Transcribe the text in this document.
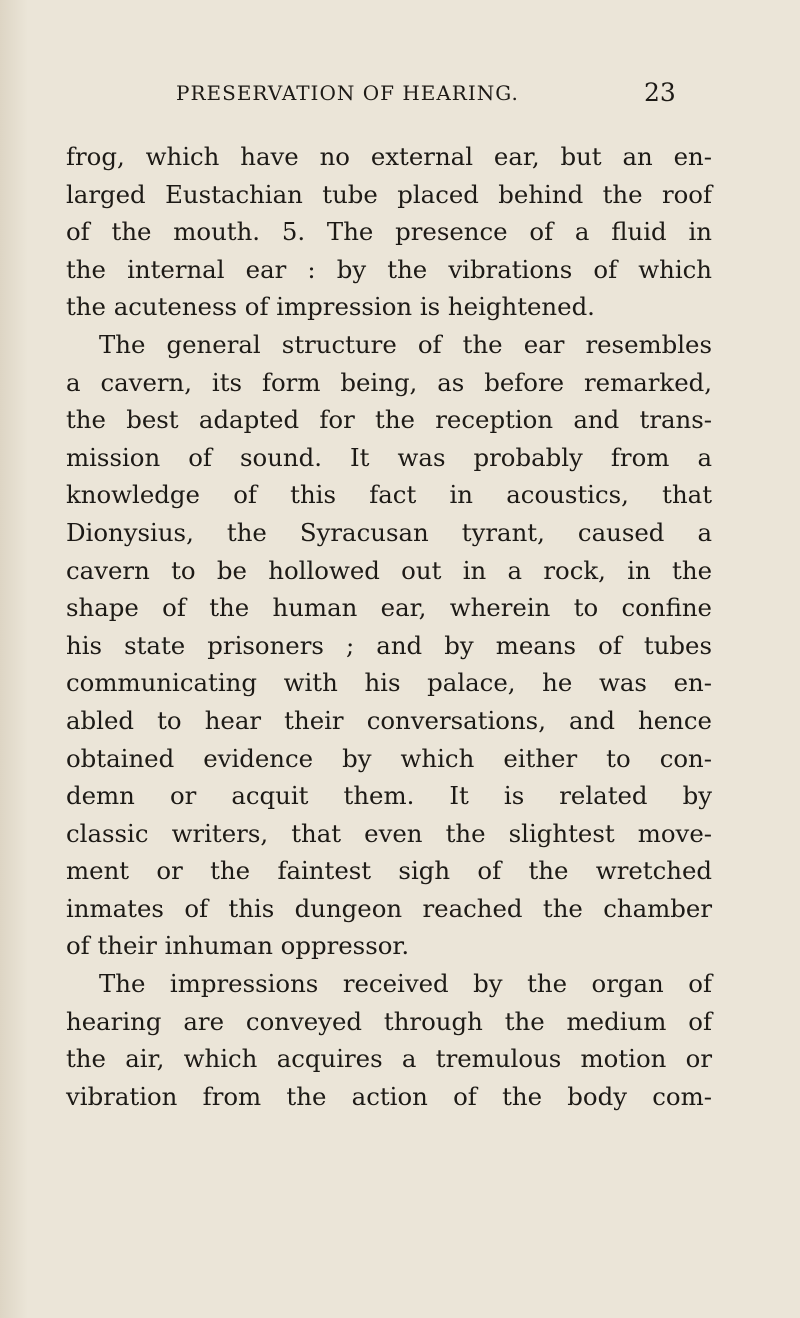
PRESERVATION OF HEARING.	23
frog, which have no external ear, but an en-
larged Eustachian tube placed behind the roof
of the mouth. 5. The presence of a fluid in
the internal ear : by the vibrations of which
the acuteness of impression is heightened.
The general structure of the ear resembles
a cavern, its form being, as before remarked,
the best adapted for the reception and trans-
mission of sound. It was probably from a
knowledge of this fact in acoustics, that
Dionysius, the Syracusan tyrant, caused a
cavern to be hollowed out in a rock, in the
shape of the human ear, wherein to confine
his state prisoners ; and by means of tubes
communicating with his palace, he was en-
abled to hear their conversations, and hence
obtained evidence by which either to con-
demn or acquit them. It is related by
classic writers, that even the slightest move-
ment or the faintest sigh of the wretched
inmates of this dungeon reached the chamber
of their inhuman oppressor.
The impressions received by the organ of
hearing are conveyed through the medium of
the air, which acquires a tremulous motion or
vibration from the action of the body com-
